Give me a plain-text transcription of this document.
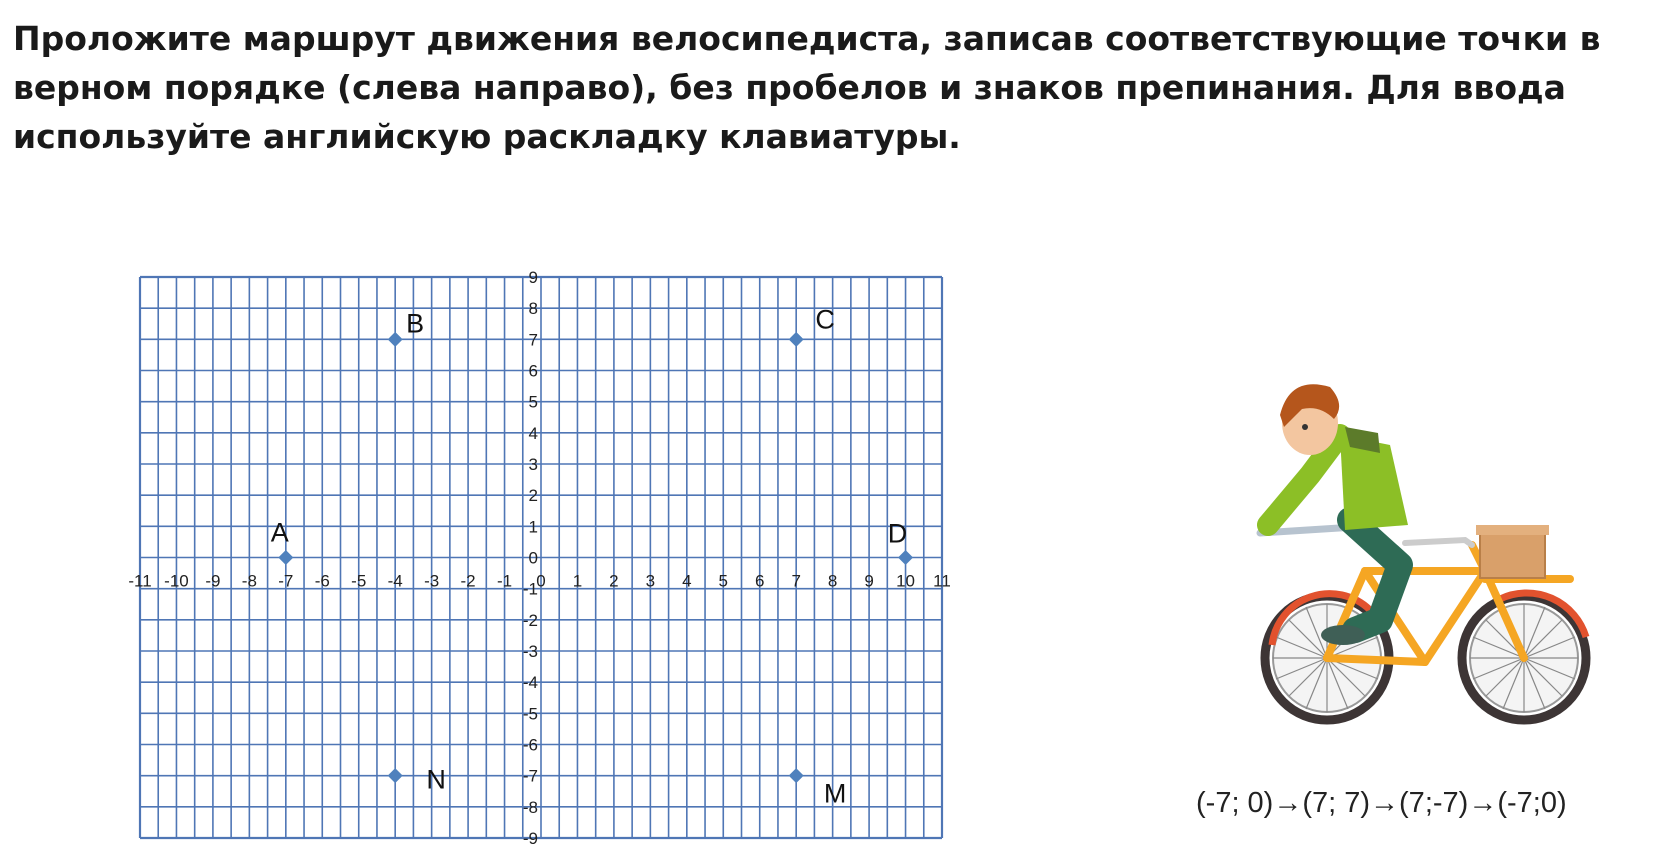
Проложите маршрут движения велосипедиста, записав соответствующие точки в верном порядке (слева направо), без пробелов и знаков препинания. Для ввода используйте английскую раскладку клавиатуры.

-11 -10 -9 -8 -7 -6 -5 -4 -3 -2 -1 0 1 2 3 4 5 6 7 8 9 10 11
9
8
7
6
5
4
3
2
1
0
-1
-2
-3
-4
-5
-6
-7
-8
-9
A
B	C
D
N	M	(-7; 0)→(7; 7)→(7;-7)→(-7;0)
